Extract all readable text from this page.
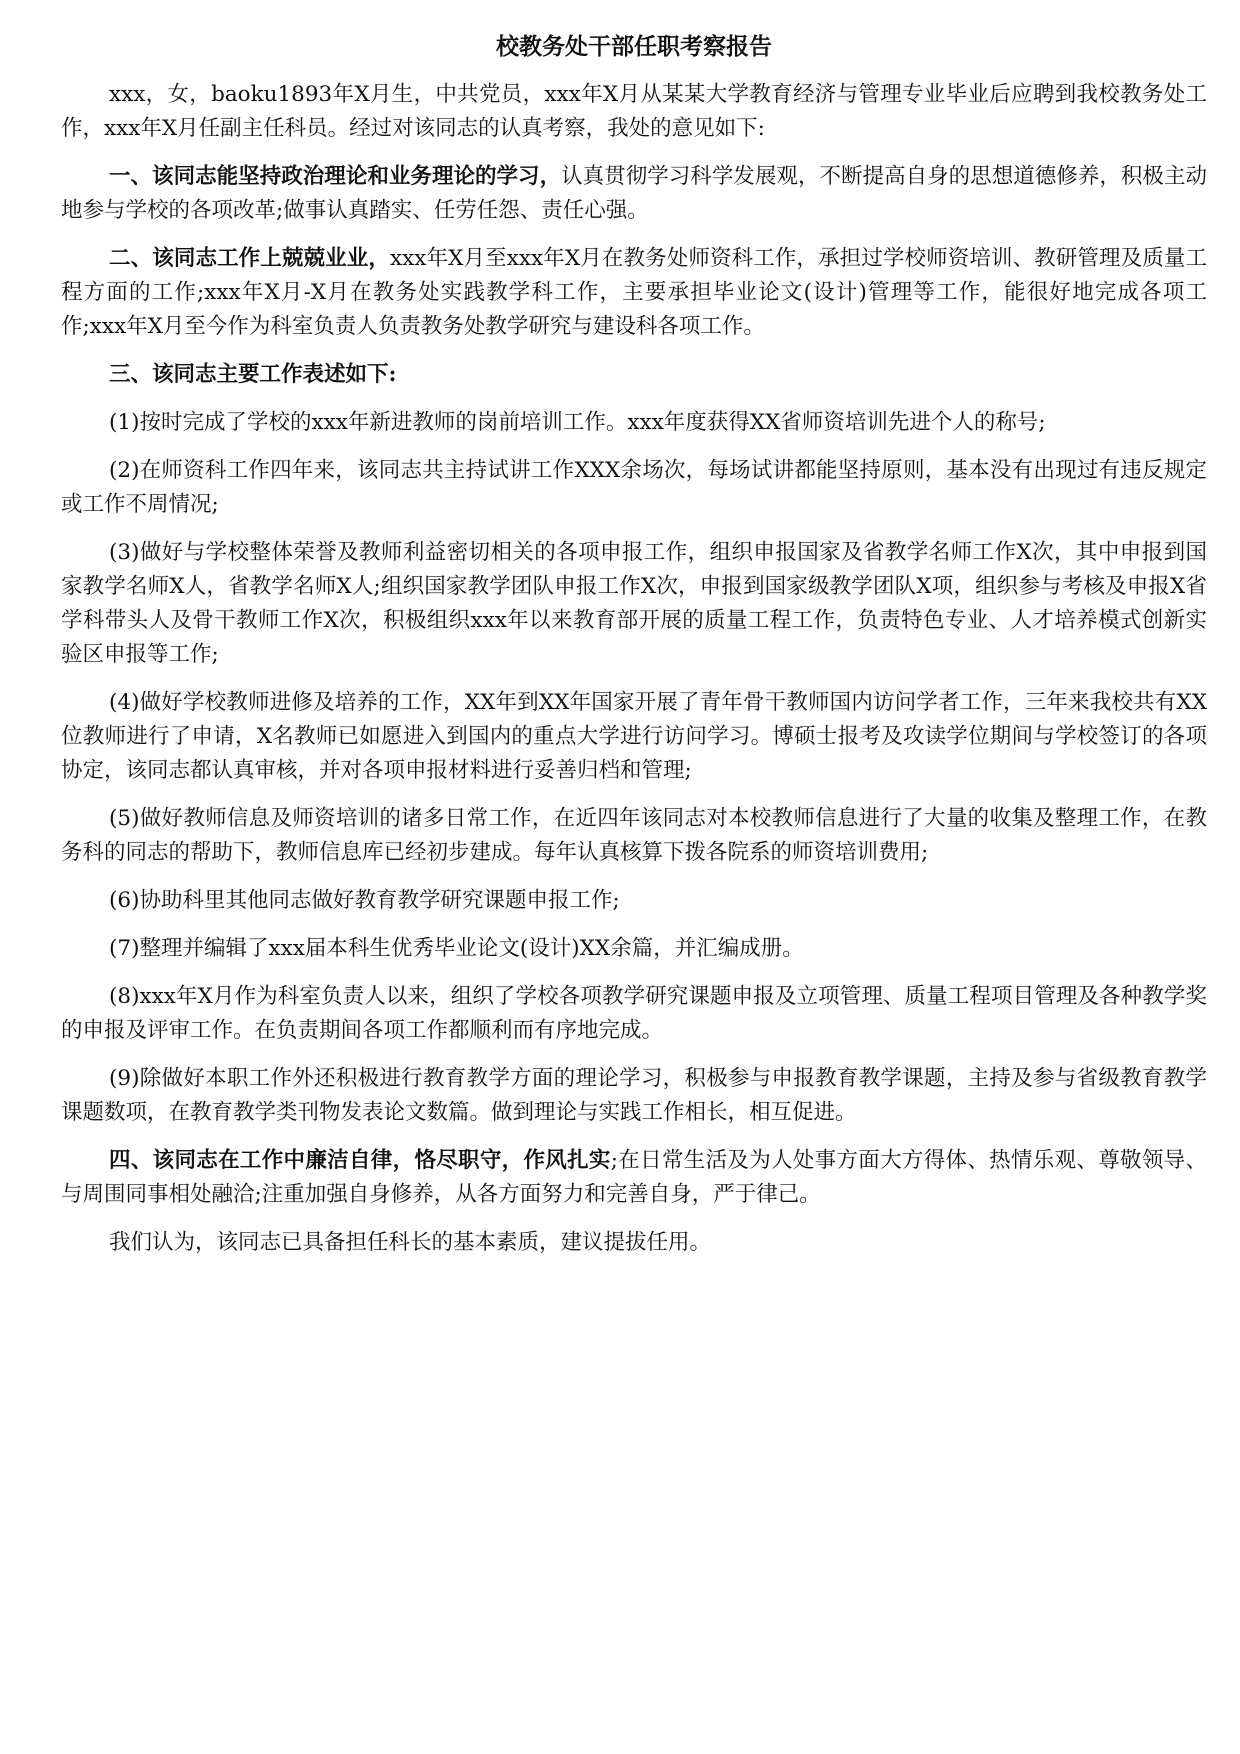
校教务处干部任职考察报告

xxx，女，baoku1893年X月生，中共党员，xxx年X月从某某大学教育经济与管理专业毕业后应聘到我校教务处工作，xxx年X月任副主任科员。经过对该同志的认真考察，我处的意见如下:

一、该同志能坚持政治理论和业务理论的学习，认真贯彻学习科学发展观，不断提高自身的思想道德修养，积极主动地参与学校的各项改革;做事认真踏实、任劳任怨、责任心强。

二、该同志工作上兢兢业业，xxx年X月至xxx年X月在教务处师资科工作，承担过学校师资培训、教研管理及质量工程方面的工作;xxx年X月-X月在教务处实践教学科工作，主要承担毕业论文(设计)管理等工作，能很好地完成各项工作;xxx年X月至今作为科室负责人负责教务处教学研究与建设科各项工作。

三、该同志主要工作表述如下:

(1)按时完成了学校的xxx年新进教师的岗前培训工作。xxx年度获得XX省师资培训先进个人的称号;

(2)在师资科工作四年来，该同志共主持试讲工作XXX余场次，每场试讲都能坚持原则，基本没有出现过有违反规定或工作不周情况;

(3)做好与学校整体荣誉及教师利益密切相关的各项申报工作，组织申报国家及省教学名师工作X次，其中申报到国家教学名师X人，省教学名师X人;组织国家教学团队申报工作X次，申报到国家级教学团队X项，组织参与考核及申报X省学科带头人及骨干教师工作X次，积极组织xxx年以来教育部开展的质量工程工作，负责特色专业、人才培养模式创新实验区申报等工作;

(4)做好学校教师进修及培养的工作，XX年到XX年国家开展了青年骨干教师国内访问学者工作，三年来我校共有XX位教师进行了申请，X名教师已如愿进入到国内的重点大学进行访问学习。博硕士报考及攻读学位期间与学校签订的各项协定，该同志都认真审核，并对各项申报材料进行妥善归档和管理;

(5)做好教师信息及师资培训的诸多日常工作，在近四年该同志对本校教师信息进行了大量的收集及整理工作，在教务科的同志的帮助下，教师信息库已经初步建成。每年认真核算下拨各院系的师资培训费用;

(6)协助科里其他同志做好教育教学研究课题申报工作;

(7)整理并编辑了xxx届本科生优秀毕业论文(设计)XX余篇，并汇编成册。

(8)xxx年X月作为科室负责人以来，组织了学校各项教学研究课题申报及立项管理、质量工程项目管理及各种教学奖的申报及评审工作。在负责期间各项工作都顺利而有序地完成。

(9)除做好本职工作外还积极进行教育教学方面的理论学习，积极参与申报教育教学课题，主持及参与省级教育教学课题数项，在教育教学类刊物发表论文数篇。做到理论与实践工作相长，相互促进。

四、该同志在工作中廉洁自律，恪尽职守，作风扎实;在日常生活及为人处事方面大方得体、热情乐观、尊敬领导、与周围同事相处融洽;注重加强自身修养，从各方面努力和完善自身，严于律己。

我们认为，该同志已具备担任科长的基本素质，建议提拔任用。
